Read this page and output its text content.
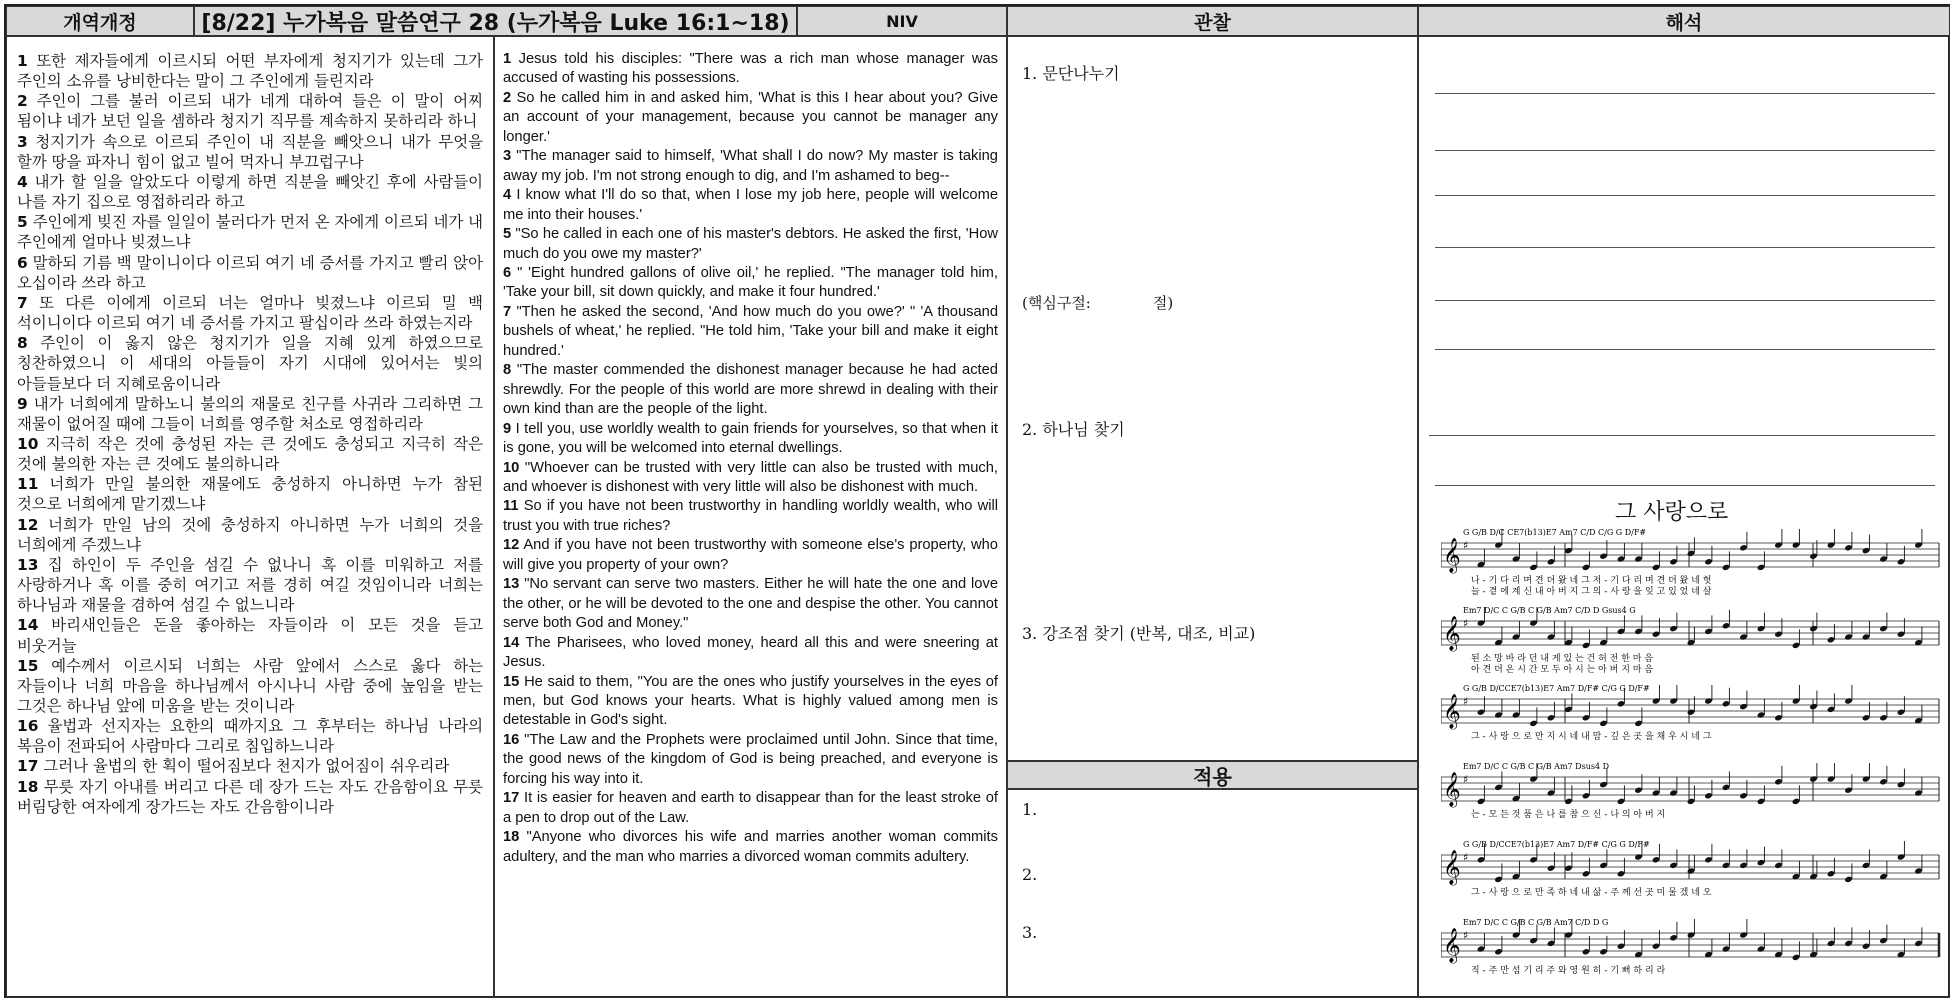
개역개정	[8/22] 누가복음 말씀연구 28 (누가복음 Luke 16:1~18)	NIV	관찰	해석
1 또한 제자들에게 이르시되 어떤 부자에게 청지기가 있는데 그가 주인의 소유를 낭비한다는 말이 그 주인에게 들린지라
2 주인이 그를 불러 이르되 내가 네게 대하여 들은 이 말이 어찌 됨이냐 네가 보던 일을 셈하라 청지기 직무를 계속하지 못하리라 하니
3 청지기가 속으로 이르되 주인이 내 직분을 빼앗으니 내가 무엇을 할까 땅을 파자니 힘이 없고 빌어 먹자니 부끄럽구나
4 내가 할 일을 알았도다 이렇게 하면 직분을 빼앗긴 후에 사람들이 나를 자기 집으로 영접하리라 하고
5 주인에게 빚진 자를 일일이 불러다가 먼저 온 자에게 이르되 네가 내 주인에게 얼마나 빚졌느냐
6 말하되 기름 백 말이니이다 이르되 여기 네 증서를 가지고 빨리 앉아 오십이라 쓰라 하고
7 또 다른 이에게 이르되 너는 얼마나 빚졌느냐 이르되 밀 백 석이니이다 이르되 여기 네 증서를 가지고 팔십이라 쓰라 하였는지라
8 주인이 이 옳지 않은 청지기가 일을 지혜 있게 하였으므로 칭찬하였으니 이 세대의 아들들이 자기 시대에 있어서는 빛의 아들들보다 더 지혜로움이니라
9 내가 너희에게 말하노니 불의의 재물로 친구를 사귀라 그리하면 그 재물이 없어질 때에 그들이 너희를 영주할 처소로 영접하리라
10 지극히 작은 것에 충성된 자는 큰 것에도 충성되고 지극히 작은 것에 불의한 자는 큰 것에도 불의하니라
11 너희가 만일 불의한 재물에도 충성하지 아니하면 누가 참된 것으로 너희에게 맡기겠느냐
12 너희가 만일 남의 것에 충성하지 아니하면 누가 너희의 것을 너희에게 주겠느냐
13 집 하인이 두 주인을 섬길 수 없나니 혹 이를 미워하고 저를 사랑하거나 혹 이를 중히 여기고 저를 경히 여길 것임이니라 너희는 하나님과 재물을 겸하여 섬길 수 없느니라
14 바리새인들은 돈을 좋아하는 자들이라 이 모든 것을 듣고 비웃거늘
15 예수께서 이르시되 너희는 사람 앞에서 스스로 옳다 하는 자들이나 너희 마음을 하나님께서 아시나니 사람 중에 높임을 받는 그것은 하나님 앞에 미움을 받는 것이니라
16 율법과 선지자는 요한의 때까지요 그 후부터는 하나님 나라의 복음이 전파되어 사람마다 그리로 침입하느니라
17 그러나 율법의 한 획이 떨어짐보다 천지가 없어짐이 쉬우리라
18 무릇 자기 아내를 버리고 다른 데 장가 드는 자도 간음함이요 무릇 버림당한 여자에게 장가드는 자도 간음함이니라
1 Jesus told his disciples: "There was a rich man whose manager was accused of wasting his possessions.
2 So he called him in and asked him, 'What is this I hear about you? Give an account of your management, because you cannot be manager any longer.'
3 "The manager said to himself, 'What shall I do now? My master is taking away my job. I'm not strong enough to dig, and I'm ashamed to beg--
4 I know what I'll do so that, when I lose my job here, people will welcome me into their houses.'
5 "So he called in each one of his master's debtors. He asked the first, 'How much do you owe my master?'
6 " 'Eight hundred gallons of olive oil,' he replied. "The manager told him, 'Take your bill, sit down quickly, and make it four hundred.'
7 "Then he asked the second, 'And how much do you owe?' " 'A thousand bushels of wheat,' he replied. "He told him, 'Take your bill and make it eight hundred.'
8 "The master commended the dishonest manager because he had acted shrewdly. For the people of this world are more shrewd in dealing with their own kind than are the people of the light.
9 I tell you, use worldly wealth to gain friends for yourselves, so that when it is gone, you will be welcomed into eternal dwellings.
10 "Whoever can be trusted with very little can also be trusted with much, and whoever is dishonest with very little will also be dishonest with much.
11 So if you have not been trustworthy in handling worldly wealth, who will trust you with true riches?
12 And if you have not been trustworthy with someone else's property, who will give you property of your own?
13 "No servant can serve two masters. Either he will hate the one and love the other, or he will be devoted to the one and despise the other. You cannot serve both God and Money."
14 The Pharisees, who loved money, heard all this and were sneering at Jesus.
15 He said to them, "You are the ones who justify yourselves in the eyes of men, but God knows your hearts. What is highly valued among men is detestable in God's sight.
16 "The Law and the Prophets were proclaimed until John. Since that time, the good news of the kingdom of God is being preached, and everyone is forcing his way into it.
17 It is easier for heaven and earth to disappear than for the least stroke of a pen to drop out of the Law.
18 "Anyone who divorces his wife and marries another woman commits adultery, and the man who marries a divorced woman commits adultery.
1. 문단나누기
(핵심구절:	절)
2. 하나님 찾기
3. 강조점 찾기 (반복, 대조, 비교)
적용
1.
2.
3.
그 사랑으로
G G/B D/C CE7(b13)E7 Am7 C/D C/G G D/F#
𝄞 ♯
나 - 기 다 리 며 견 뎌 왔 네 그 저 - 기 다 리 며 견 뎌 왔 네 헛
늘 - 곁 에 계 신 내 아 버 지 그 의 - 사 랑 을 잊 고 있 었 네 살
Em7 D/C C G/B C G/B Am7 C/D D Gsus4 G
𝄞 ♯
된 소 망 바 라 던 내 게 있 는 건 허 전 한 마 음
아 견 뎌 온 시 간 모 두 아 시 는 아 버 지 마 음
G G/B D/CCE7(b13)E7 Am7 D/F# C/G G D/F#
𝄞 ♯
그 - 사 랑 으 로 만 지 시 네 내 맘 - 깊 은 곳 을 채 우 시 네 그
Em7 D/C C G/B C G/B Am7 Dsus4 D
𝄞 ♯
는 - 모 든 것 품 은 나 를 참 으 신 - 나 의 아 버 지
G G/B D/CCE7(b13)E7 Am7 D/F# C/G G D/F#
𝄞 ♯
그 - 사 랑 으 로 만 족 하 네 내 삶 - 주 께 선 곳 미 물 겠 네 오
Em7 D/C C G/B C G/B Am7 C/D D G
𝄞 ♯
직 - 주 만 섬 기 리 주 와 영 원 히 - 기 뻐 하 리 라
